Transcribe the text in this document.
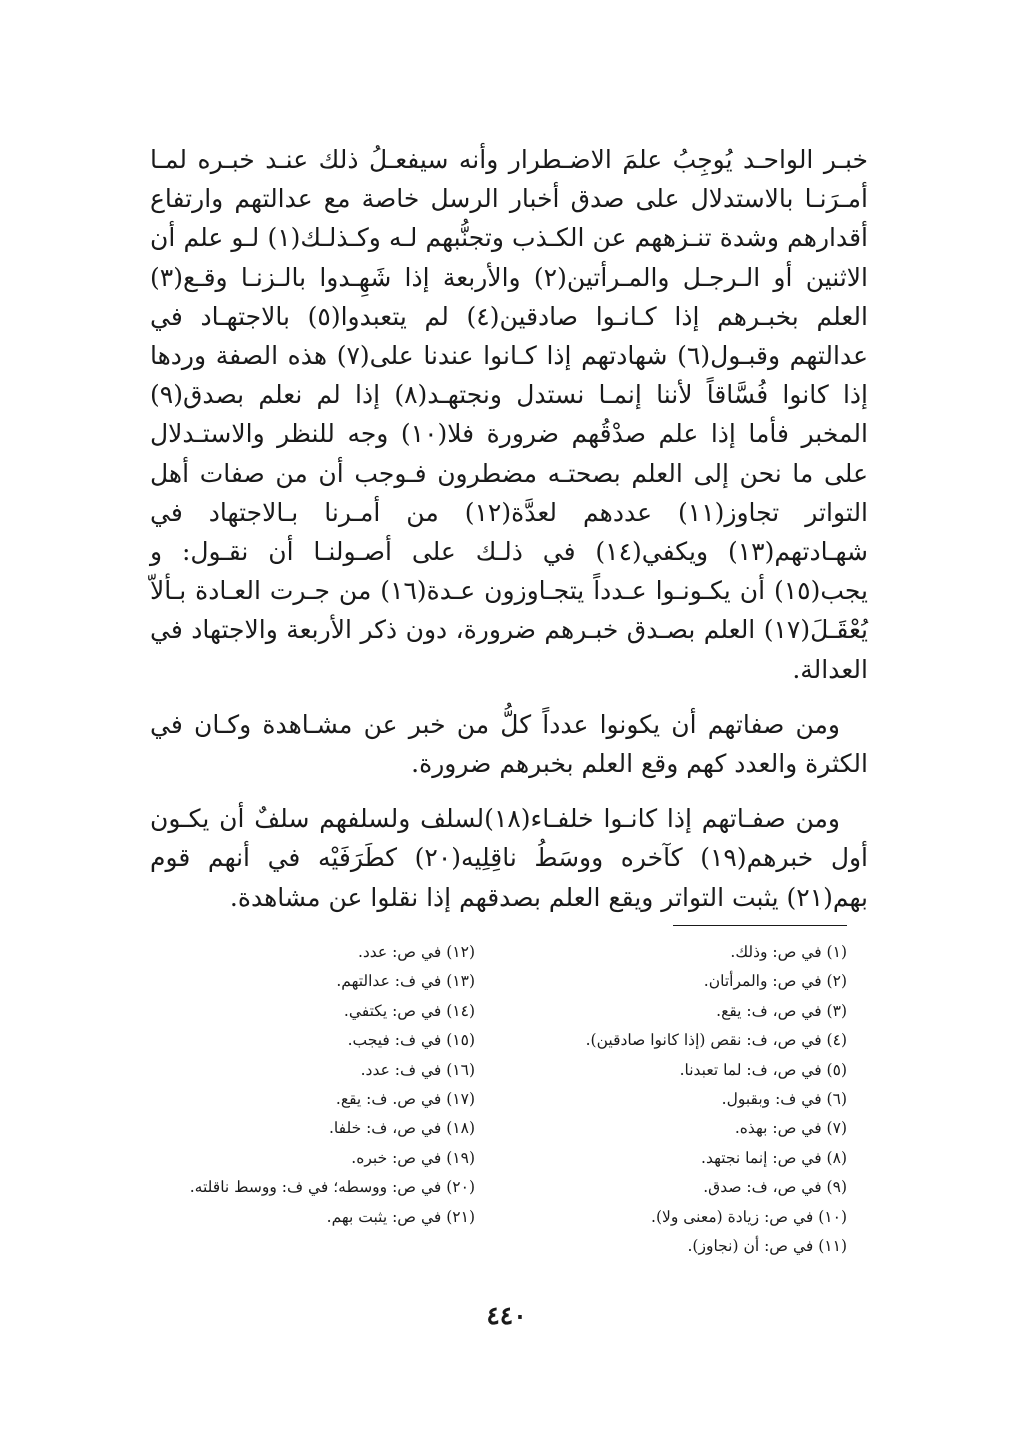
خبـر الواحـد يُوجِبُ علمَ الاضـطرار وأنه سيفعـلُ ذلك عنـد خبـره لمـا أمـرَنـا بالاستدلال على صدق أخبار الرسل خاصة مع عدالتهم وارتفاع أقدارهم وشدة تنـزههم عن الكـذب وتجنُّبهم لـه وكـذلـك(١) لـو علم أن الاثنين أو الـرجـل والمـرأتين(٢) والأربعة إذا شَهِـدوا بالـزنـا وقـع(٣) العلم بخبـرهم إذا كـانـوا صادقين(٤) لم يتعبدوا(٥) بالاجتهـاد في عدالتهم وقبـول(٦) شهادتهم إذا كـانوا عندنا على(٧) هذه الصفة وردها إذا كانوا فُسَّاقاً لأننا إنمـا نستدل ونجتهـد(٨) إذا لم نعلم بصدق(٩) المخبر فأما إذا علم صدْقُهم ضرورة فلا(١٠) وجه للنظر والاستـدلال على ما نحن إلى العلم بصحتـه مضطرون فـوجب أن من صفات أهل التواتر تجاوز(١١) عددهم لعدَّة(١٢) من أمـرنا بـالاجتهاد في شهـادتهم(١٣) ويكفي(١٤) في ذلـك على أصـولنـا أن نقـول: و يجب(١٥) أن يكـونـوا عـدداً يتجـاوزون عـدة(١٦) من جـرت العـادة بـألاّ يُعْقَـلَ(١٧) العلم بصـدق خبـرهم ضرورة، دون ذكر الأربعة والاجتهاد في العدالة.

ومن صفاتهم أن يكونوا عدداً كلُّ من خبر عن مشـاهدة وكـان في الكثرة والعدد كهم وقع العلم بخبرهم ضرورة.

ومن صفـاتهم إذا كانـوا خلفـاء(١٨)لسلف ولسلفهم سلفٌ أن يكـون أول خبرهم(١٩) كآخره ووسَطُ ناقِلِيه(٢٠) كطَرَفَيْه في أنهم قوم بهم(٢١) يثبت التواتر ويقع العلم بصدقهم إذا نقلوا عن مشاهدة.

(١) في ص: وذلك.
(٢) في ص: والمرأتان.
(٣) في ص، ف: يقع.
(٤) في ص، ف: نقص (إذا كانوا صادقين).
(٥) في ص، ف: لما تعبدنا.
(٦) في ف: وبقبول.
(٧) في ص: بهذه.
(٨) في ص: إنما نجتهد.
(٩) في ص، ف: صدق.
(١٠) في ص: زيادة (معنى ولا).
(١١) في ص: أن (نجاوز).
(١٢) في ص: عدد.
(١٣) في ف: عدالتهم.
(١٤) في ص: يكتفي.
(١٥) في ف: فيجب.
(١٦) في ف: عدد.
(١٧) في ص. ف: يقع.
(١٨) في ص، ف: خلفا.
(١٩) في ص: خبره.
(٢٠) في ص: ووسطه؛ في ف: ووسط ناقلته.
(٢١) في ص: يثبت بهم.
٤٤٠
